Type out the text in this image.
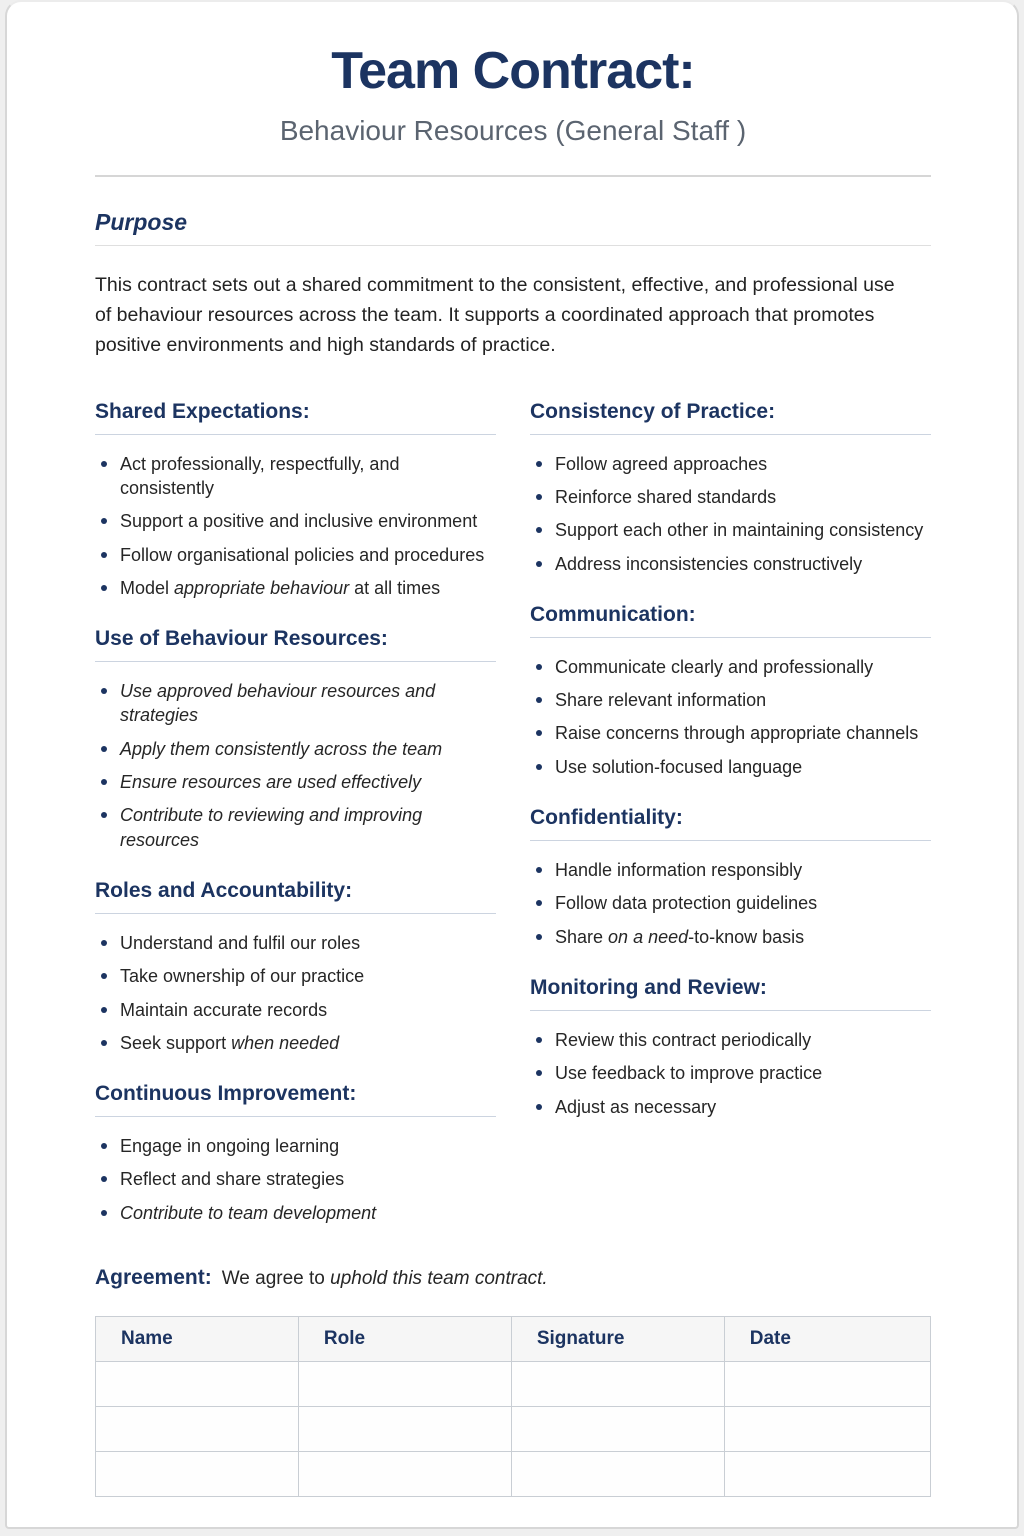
Team Contract:
Behaviour Resources (General Staff )
Purpose

This contract sets out a shared commitment to the consistent, effective, and professional use of behaviour resources across the team. It supports a coordinated approach that promotes positive environments and high standards of practice.

Shared Expectations:
Act professionally, respectfully, and consistently
Support a positive and inclusive environment
Follow organisational policies and procedures
Model appropriate behaviour at all times
Use of Behaviour Resources:
Use approved behaviour resources and strategies
Apply them consistently across the team
Ensure resources are used effectively
Contribute to reviewing and improving resources
Roles and Accountability:
Understand and fulfil our roles
Take ownership of our practice
Maintain accurate records
Seek support when needed
Continuous Improvement:
Engage in ongoing learning
Reflect and share strategies
Contribute to team development
Consistency of Practice:
Follow agreed approaches
Reinforce shared standards
Support each other in maintaining consistency
Address inconsistencies constructively
Communication:
Communicate clearly and professionally
Share relevant information
Raise concerns through appropriate channels
Use solution-focused language
Confidentiality:
Handle information responsibly
Follow data protection guidelines
Share on a need-to-know basis
Monitoring and Review:
Review this contract periodically
Use feedback to improve practice
Adjust as necessary
Agreement: We agree to uphold this team contract.
Name	Role	Signature	Date
